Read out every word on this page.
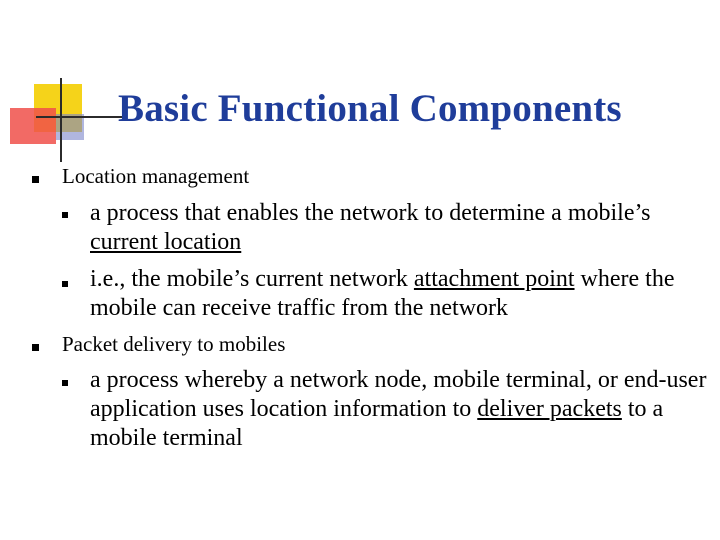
Basic Functional Components
Location management
a process that enables the network to determine a mobile’s current location
i.e., the mobile’s current network attachment point where the mobile can receive traffic from the network
Packet delivery to mobiles
a process whereby a network node, mobile terminal, or end-user application uses location information to deliver packets to a mobile terminal
